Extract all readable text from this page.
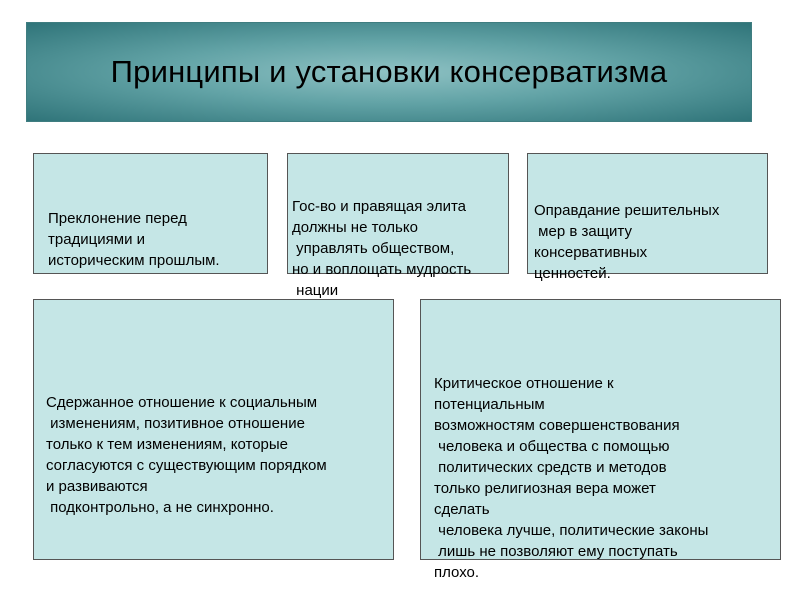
Принципы и установки консерватизма

Преклонение перед
традициями и
историческим прошлым.

Гос-во и правящая элита
должны не только
управлять обществом,
но и воплощать мудрость
нации

Оправдание решительных
мер в защиту
консервативных
ценностей.

Сдержанное отношение к социальным
изменениям, позитивное отношение
только к тем изменениям, которые
согласуются с существующим порядком
и развиваются
подконтрольно, а не синхронно.

Критическое отношение к
потенциальным
возможностям совершенствования
человека и общества с помощью
политических средств и методов
только религиозная вера может
сделать
человека лучше, политические законы
лишь не позволяют ему поступать
плохо.
